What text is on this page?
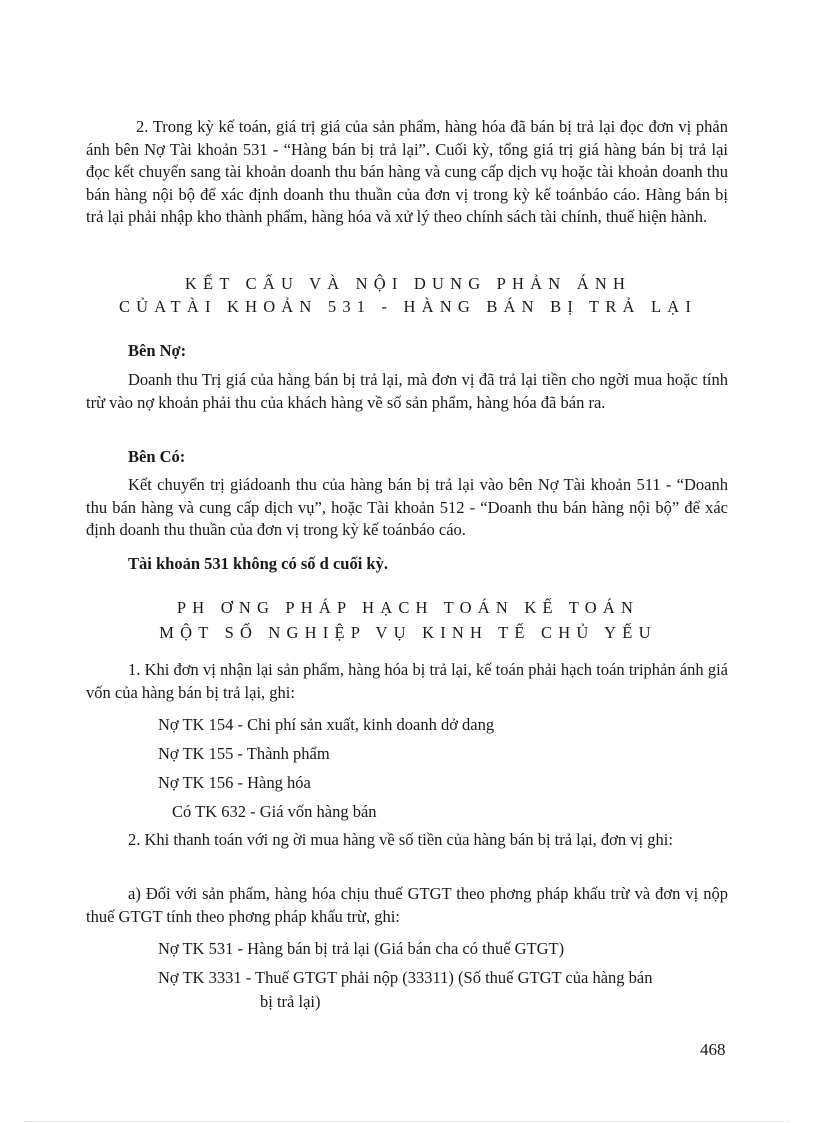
2. Trong kỳ kế toán, giá trị giá của sản phẩm, hàng hóa đã bán bị trả lại đọc đơn vị phản ánh bên Nợ Tài khoản 531 - “Hàng bán bị trả lại”. Cuối kỳ, tổng giá trị giá hàng bán bị trả lại đọc kết chuyển sang tài khoản doanh thu bán hàng và cung cấp dịch vụ hoặc tài khoản doanh thu bán hàng nội bộ để xác định doanh thu thuần của đơn vị trong kỳ kế toánbáo cáo. Hàng bán bị trả lại phải nhập kho thành phẩm, hàng hóa và xử lý theo chính sách tài chính, thuế hiện hành.

KẾT CẤU VÀ NỘI DUNG PHẢN ÁNH

CỦATÀI KHOẢN 531 - HÀNG BÁN BỊ TRẢ LẠI

Bên Nợ:

Doanh thu Trị giá của hàng bán bị trả lại, mà đơn vị đã trả lại tiền cho ngời mua hoặc tính trừ vào nợ khoản phải thu của khách hàng về số sản phẩm, hàng hóa đã bán ra.

Bên Có:

Kết chuyển trị giádoanh thu của hàng bán bị trả lại vào bên Nợ Tài khoản 511 - “Doanh thu bán hàng và cung cấp dịch vụ”, hoặc Tài khoản 512 - “Doanh thu bán hàng nội bộ” để xác định doanh thu thuần của đơn vị trong kỳ kế toánbáo cáo.

Tài khoản 531 không có số d cuối kỳ.

PH ƠNG PHÁP HẠCH TOÁN KẾ TOÁN

MỘT SỐ NGHIỆP VỤ KINH TẾ CHỦ YẾU

1. Khi đơn vị nhận lại sản phẩm, hàng hóa bị trả lại, kế toán phải hạch toán triphản ánh giá vốn của hàng bán bị trả lại, ghi:

Nợ TK 154 - Chi phí sản xuất, kinh doanh dở dang

Nợ TK 155 - Thành phẩm

Nợ TK 156 - Hàng hóa

Có TK 632 - Giá vốn hàng bán

2. Khi thanh toán với ng ời mua hàng về số tiền của hàng bán bị trả lại, đơn vị ghi:

a) Đối với sản phẩm, hàng hóa chịu thuế GTGT theo phơng pháp khấu trừ và đơn vị nộp thuế GTGT tính theo phơng pháp khấu trừ, ghi:

Nợ TK 531 - Hàng bán bị trả lại (Giá bán cha có thuế GTGT)

Nợ TK 3331 - Thuế GTGT phải nộp (33311) (Số thuế GTGT của hàng bán

bị trả lại)

468
